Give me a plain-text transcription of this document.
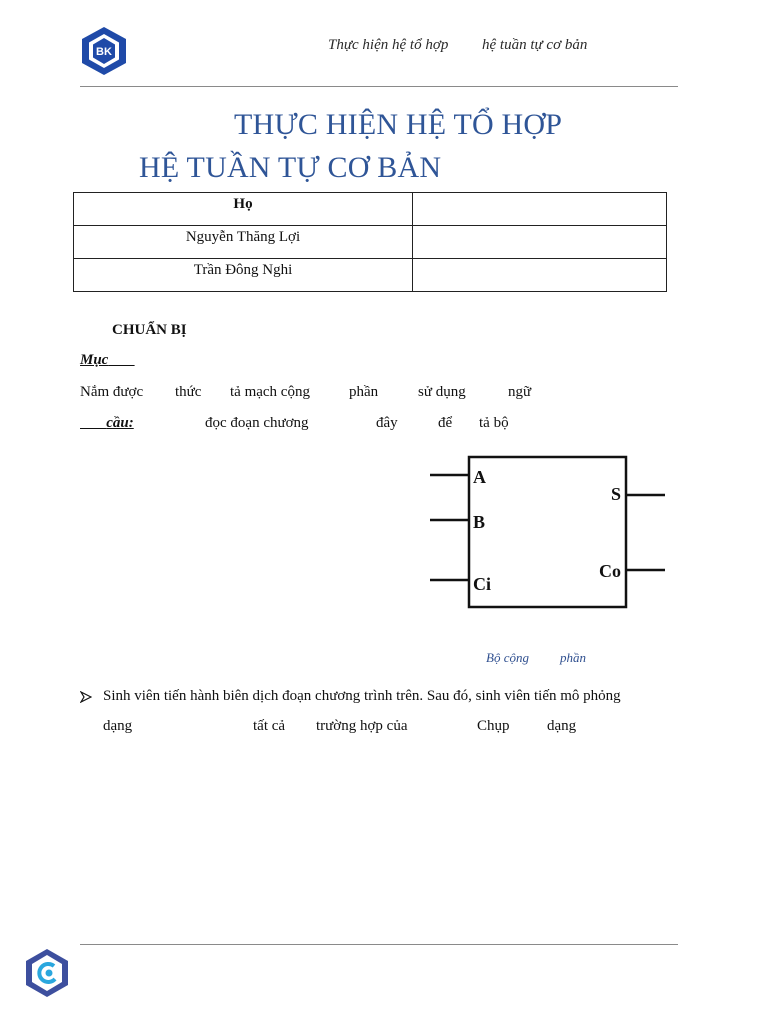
BK	Thực hiện hệ tổ hợp hệ tuần tự cơ bản
THỰC HIỆN HỆ TỔ HỢP
HỆ TUẦN TỰ CƠ BẢN
Họ	
Nguyễn Thăng Lợi	
Trần Đông Nghi	
CHUẨN BỊ
Mục
Nắm được thức tả mạch cộng	phần	sử dụng	ngữ
cầu:	đọc đoạn chương	đây	để tả bộ
A
B
Ci
S
Co
Bộ cộng phần
Sinh viên tiến hành biên dịch đoạn chương trình trên. Sau đó, sinh viên tiến mô phỏng
dạng	tất cả trường hợp của	Chụp dạng
